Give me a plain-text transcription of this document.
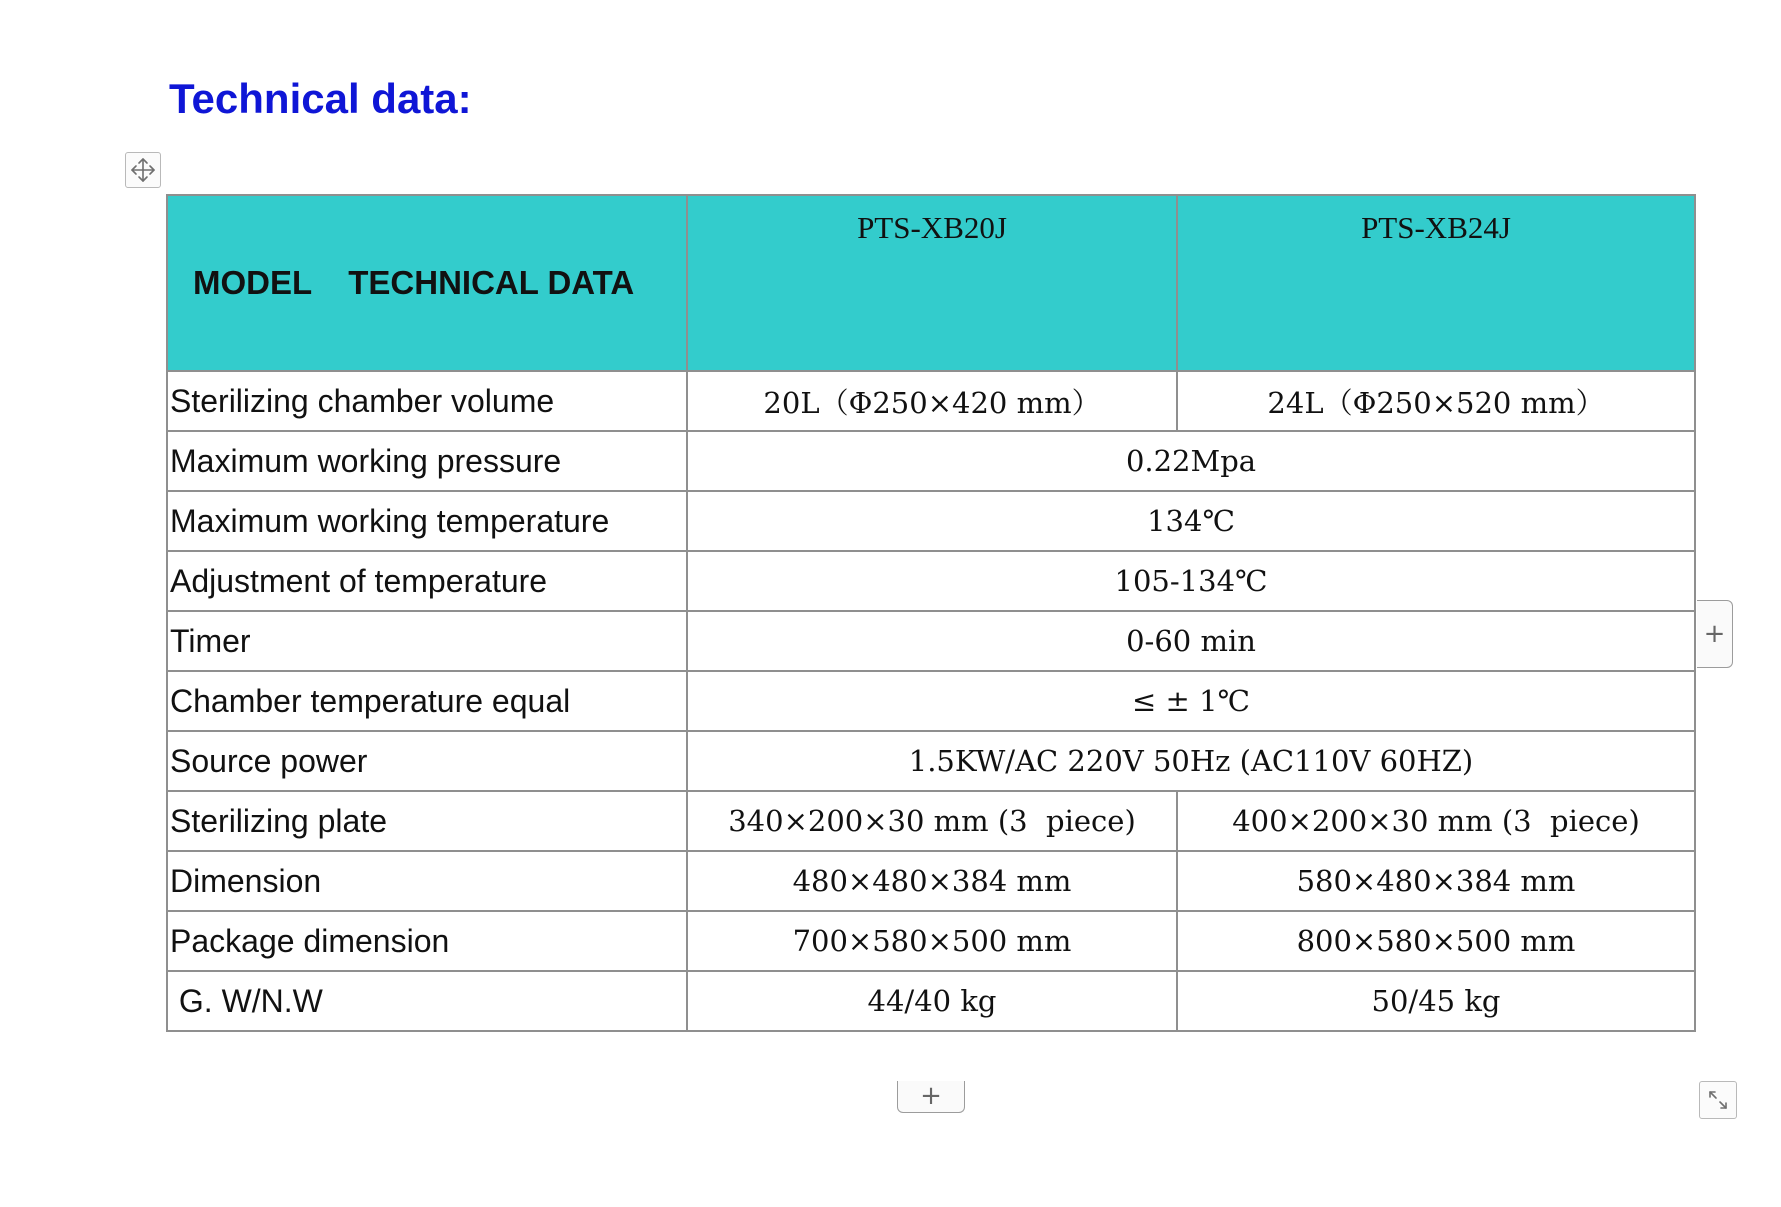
Technical data:
MODEL    TECHNICAL DATA	PTS-XB20J	PTS-XB24J
Sterilizing chamber volume	20L（Φ250×420 mm）	24L（Φ250×520 mm）
Maximum working pressure	0.22Mpa	
Maximum working temperature	134℃	
Adjustment of temperature	105-134℃	
Timer	0-60 min	
Chamber temperature equal	≤ ± 1℃	
Source power	1.5KW/AC 220V 50Hz (AC110V 60HZ)	
Sterilizing plate	340×200×30 mm (3  piece)	400×200×30 mm (3  piece)
Dimension	480×480×384 mm	580×480×384 mm
Package dimension	700×580×500 mm	800×580×500 mm
G. W/N.W	44/40 kg	50/45 kg
+
+
